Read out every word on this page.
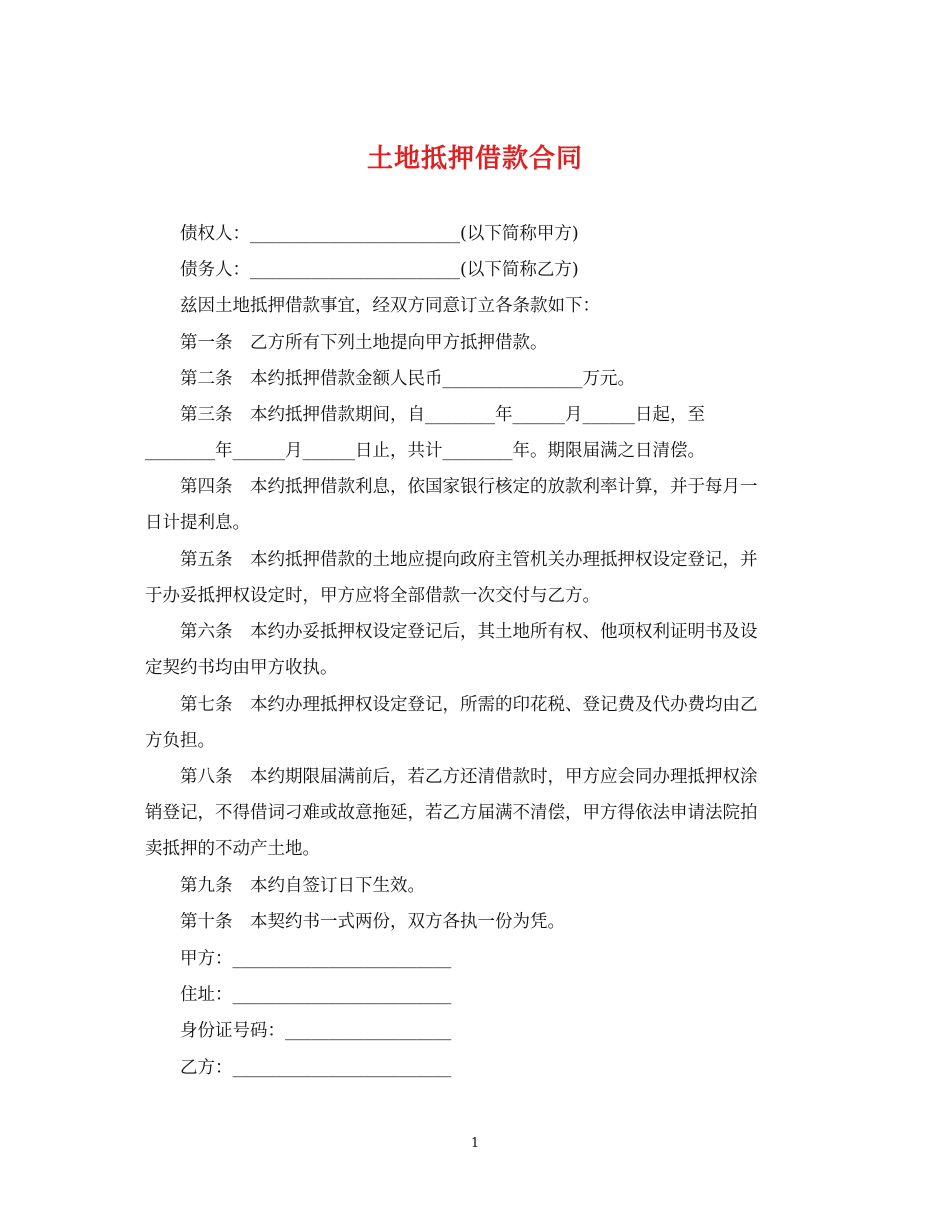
土地抵押借款合同

债权人：________________________(以下简称甲方)

债务人：________________________(以下简称乙方)

兹因土地抵押借款事宜，经双方同意订立各条款如下：

第一条　乙方所有下列土地提向甲方抵押借款。

第二条　本约抵押借款金额人民币________________万元。

第三条　本约抵押借款期间，自________年______月______日起，至
________年______月______日止，共计________年。期限届满之日清偿。
第四条　本约抵押借款利息，依国家银行核定的放款利率计算，并于每月一
日计提利息。
第五条　本约抵押借款的土地应提向政府主管机关办理抵押权设定登记，并
于办妥抵押权设定时，甲方应将全部借款一次交付与乙方。
第六条　本约办妥抵押权设定登记后，其土地所有权、他项权利证明书及设
定契约书均由甲方收执。
第七条　本约办理抵押权设定登记，所需的印花税、登记费及代办费均由乙
方负担。
第八条　本约期限届满前后，若乙方还清借款时，甲方应会同办理抵押权涂
销登记，不得借词刁难或故意拖延，若乙方届满不清偿，甲方得依法申请法院拍
卖抵押的不动产土地。

第九条　本约自签订日下生效。

第十条　本契约书一式两份，双方各执一份为凭。

甲方：_________________________

住址：_________________________

身份证号码：___________________

乙方：_________________________

1
